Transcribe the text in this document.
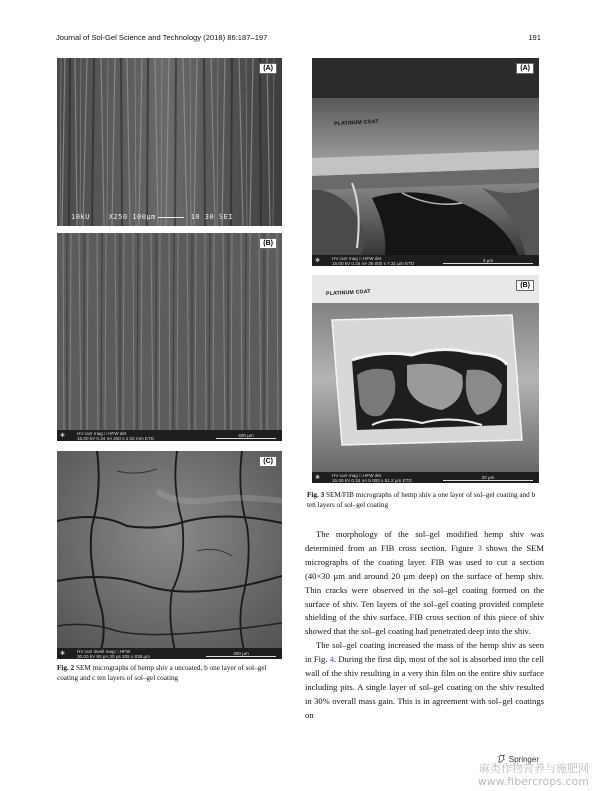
Journal of Sol-Gel Science and Technology (2018) 86:187–197	191
(A)
10kU	X250 100µm	10 30 SEI
(B)
✱	HV curr mag □ HFW det
15.00 kV 0.34 nA 250 x 1.02 mm ETD	400 µm
(C)
✱	HV curr dwell mag □ HFW
30.00 kV 90 pA 30 µs 305 x 838 µm	300 µm
Fig. 2 SEM micrographs of hemp shiv a uncoated, b one layer of sol–gel coating and c ten layers of sol–gel coating
(A)
PLATINUM COAT
✱	HV curr mag □ HFW det
15.00 kV 0.34 nA 35 000 x 7.31 µm ETD	3 µm
(B)
PLATINUM COAT
✱	HV curr mag □ HFW det
15.00 kV 0.34 nA 5 000 x 51.2 µm ETD	20 µm
Fig. 3 SEM/FIB micrographs of hemp shiv a one layer of sol–gel coating and b ten layers of sol–gel coating

The morphology of the sol–gel modified hemp shiv was determined from an FIB cross section. Figure 3 shows the SEM micrographs of the coating layer. FIB was used to cut a section (40×30 µm and around 20 µm deep) on the surface of hemp shiv. Thin cracks were observed in the sol–gel coating formed on the surface of shiv. Ten layers of the sol–gel coating provided complete shielding of the shiv surface. FIB cross section of this piece of shiv showed that the sol–gel coating had penetrated deep into the shiv.

The sol–gel coating increased the mass of the hemp shiv as seen in Fig. 4. During the first dip, most of the sol is absorbed into the cell wall of the shiv resulting in a very thin film on the entire shiv surface including pits. A single layer of sol–gel coating on the shiv resulted in 30% overall mass gain. This is in agreement with sol–gel coatings on

Springer
麻类作物营养与施肥网
www.fibercrops.com
